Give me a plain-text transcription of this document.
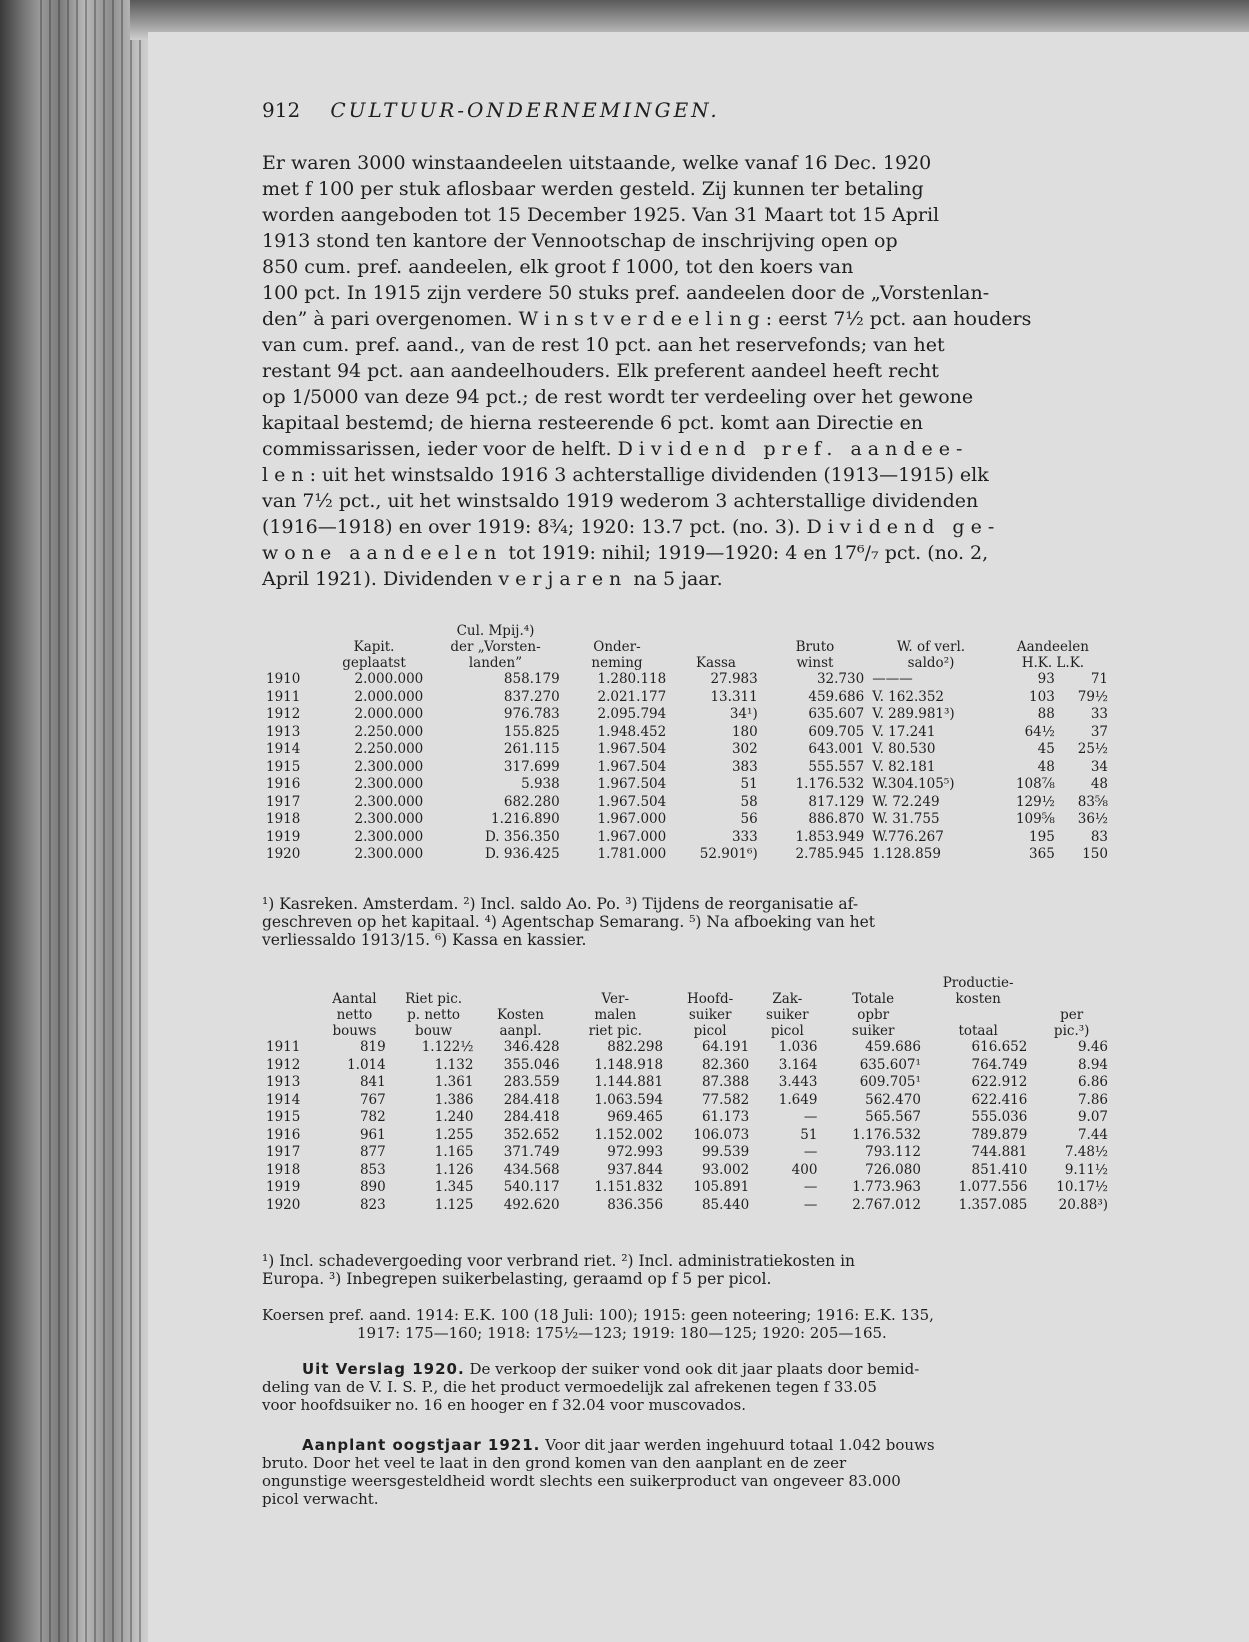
912 CULTUUR-ONDERNEMINGEN.
Er waren 3000 winstaandeelen uitstaande, welke vanaf 16 Dec. 1920
met f 100 per stuk aflosbaar werden gesteld. Zij kunnen ter betaling
worden aangeboden tot 15 December 1925. Van 31 Maart tot 15 April
1913 stond ten kantore der Vennootschap de inschrijving open op
850 cum. pref. aandeelen, elk groot f 1000, tot den koers van
100 pct. In 1915 zijn verdere 50 stuks pref. aandeelen door de „Vorstenlan-
den” à pari overgenomen. Winstverdeeling: eerst 7½ pct. aan houders
van cum. pref. aand., van de rest 10 pct. aan het reservefonds; van het
restant 94 pct. aan aandeelhouders. Elk preferent aandeel heeft recht
op 1/5000 van deze 94 pct.; de rest wordt ter verdeeling over het gewone
kapitaal bestemd; de hierna resteerende 6 pct. komt aan Directie en
commissarissen, ieder voor de helft. Dividend pref. aandee-
len: uit het winstsaldo 1916 3 achterstallige dividenden (1913—1915) elk
van 7½ pct., uit het winstsaldo 1919 wederom 3 achterstallige dividenden
(1916—1918) en over 1919: 8¾; 1920: 13.7 pct. (no. 3). Dividend ge-
wone aandeelen tot 1919: nihil; 1919—1920: 4 en 17⁶/₇ pct. (no. 2,
April 1921). Dividenden verjaren na 5 jaar.
		Cul. Mpij.⁴)						
	Kapit.	der „Vorsten-	Onder-		Bruto	W. of verl.	Aandeelen	
	geplaatst	landen”	neming	Kassa	winst	saldo²)	H.K. L.K.	
1910	2.000.000	858.179	1.280.118	27.983	32.730	———	93	71
1911	2.000.000	837.270	2.021.177	13.311	459.686	V. 162.352	103	79½
1912	2.000.000	976.783	2.095.794	34¹)	635.607	V. 289.981³)	88	33
1913	2.250.000	155.825	1.948.452	180	609.705	V. 17.241	64½	37
1914	2.250.000	261.115	1.967.504	302	643.001	V. 80.530	45	25½
1915	2.300.000	317.699	1.967.504	383	555.557	V. 82.181	48	34
1916	2.300.000	5.938	1.967.504	51	1.176.532	W.304.105⁵)	108⅞	48
1917	2.300.000	682.280	1.967.504	58	817.129	W. 72.249	129½	83⅝
1918	2.300.000	1.216.890	1.967.000	56	886.870	W. 31.755	109⅝	36½
1919	2.300.000	D. 356.350	1.967.000	333	1.853.949	W.776.267	195	83
1920	2.300.000	D. 936.425	1.781.000	52.901⁶)	2.785.945	1.128.859	365	150
¹) Kasreken. Amsterdam. ²) Incl. saldo Ao. Po. ³) Tijdens de reorganisatie af-
geschreven op het kapitaal. ⁴) Agentschap Semarang. ⁵) Na afboeking van het
verliessaldo 1913/15. ⁶) Kassa en kassier.
								Productie-	
	Aantal	Riet pic.		Ver-	Hoofd-	Zak-	Totale	kosten	
	netto	p. netto	Kosten	malen	suiker	suiker	opbr		per
	bouws	bouw	aanpl.	riet pic.	picol	picol	suiker	totaal	pic.³)
1911	819	1.122½	346.428	882.298	64.191	1.036	459.686	616.652	9.46
1912	1.014	1.132	355.046	1.148.918	82.360	3.164	635.607¹	764.749	8.94
1913	841	1.361	283.559	1.144.881	87.388	3.443	609.705¹	622.912	6.86
1914	767	1.386	284.418	1.063.594	77.582	1.649	562.470	622.416	7.86
1915	782	1.240	284.418	969.465	61.173	—	565.567	555.036	9.07
1916	961	1.255	352.652	1.152.002	106.073	51	1.176.532	789.879	7.44
1917	877	1.165	371.749	972.993	99.539	—	793.112	744.881	7.48½
1918	853	1.126	434.568	937.844	93.002	400	726.080	851.410	9.11½
1919	890	1.345	540.117	1.151.832	105.891	—	1.773.963	1.077.556	10.17½
1920	823	1.125	492.620	836.356	85.440	—	2.767.012	1.357.085	20.88³)
¹) Incl. schadevergoeding voor verbrand riet. ²) Incl. administratiekosten in
Europa. ³) Inbegrepen suikerbelasting, geraamd op f 5 per picol.
Koersen pref. aand. 1914: E.K. 100 (18 Juli: 100); 1915: geen noteering; 1916: E.K. 135,
1917: 175—160; 1918: 175½—123; 1919: 180—125; 1920: 205—165.
Uit Verslag 1920. De verkoop der suiker vond ook dit jaar plaats door bemid-
deling van de V. I. S. P., die het product vermoedelijk zal afrekenen tegen f 33.05
voor hoofdsuiker no. 16 en hooger en f 32.04 voor muscovados.
Aanplant oogstjaar 1921. Voor dit jaar werden ingehuurd totaal 1.042 bouws
bruto. Door het veel te laat in den grond komen van den aanplant en de zeer
ongunstige weersgesteldheid wordt slechts een suikerproduct van ongeveer 83.000
picol verwacht.
